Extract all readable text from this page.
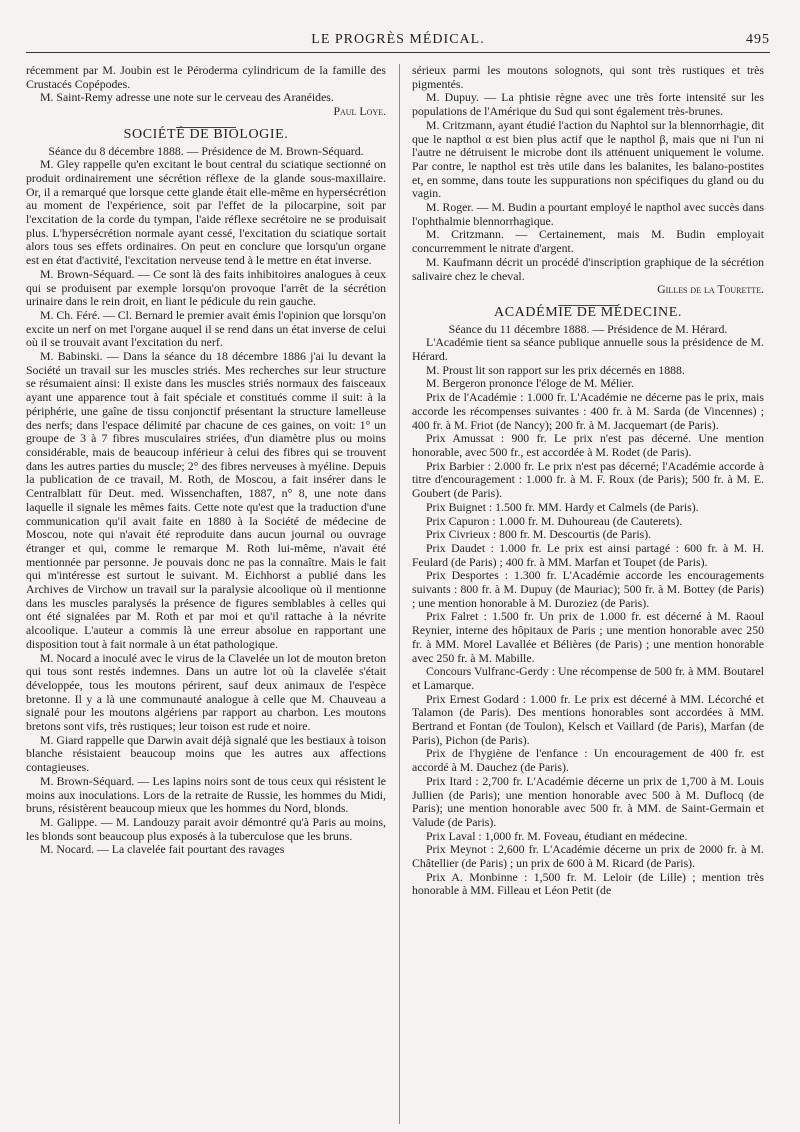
LE PROGRÈS MÉDICAL.	495

récemment par M. Joubin est le Péroderma cylindricum de la famille des Crustacés Copépodes.

M. Saint-Remy adresse une note sur le cerveau des Aranéides.

Paul Loye.

SOCIÉTÉ DE BIOLOGIE.

Séance du 8 décembre 1888. — Présidence de M. Brown-Séquard.

M. Gley rappelle qu'en excitant le bout central du sciatique sectionné on produit ordinairement une sécrétion réflexe de la glande sous-maxillaire. Or, il a remarqué que lorsque cette glande était elle-même en hypersécrétion au moment de l'expérience, soit par l'effet de la pilocarpine, soit par l'excitation de la corde du tympan, l'aide réflexe secrétoire ne se produisait plus. L'hypersécrétion normale ayant cessé, l'excitation du sciatique sortait alors tous ses effets ordinaires. On peut en conclure que lorsqu'un organe est en état d'activité, l'excitation nerveuse tend à le mettre en état inverse.

M. Brown-Séquard. — Ce sont là des faits inhibitoires analogues à ceux qui se produisent par exemple lorsqu'on provoque l'arrêt de la sécrétion urinaire dans le rein droit, en liant le pédicule du rein gauche.

M. Ch. Féré. — Cl. Bernard le premier avait émis l'opinion que lorsqu'on excite un nerf on met l'organe auquel il se rend dans un état inverse de celui où il se trouvait avant l'excitation du nerf.

M. Babinski. — Dans la séance du 18 décembre 1886 j'ai lu devant la Société un travail sur les muscles striés. Mes recherches sur leur structure se résumaient ainsi: Il existe dans les muscles striés normaux des faisceaux ayant une apparence tout à fait spéciale et constitués comme il suit: à la périphérie, une gaîne de tissu conjonctif présentant la structure lamelleuse des nerfs; dans l'espace délimité par chacune de ces gaines, on voit: 1° un groupe de 3 à 7 fibres musculaires striées, d'un diamètre plus ou moins considérable, mais de beaucoup inférieur à celui des fibres qui se trouvent dans les autres parties du muscle; 2° des fibres nerveuses à myéline. Depuis la publication de ce travail, M. Roth, de Moscou, a fait insérer dans le Centralblatt für Deut. med. Wissenchaften, 1887, n° 8, une note dans laquelle il signale les mêmes faits. Cette note qu'est que la traduction d'une communication qu'il avait faite en 1880 à la Société de médecine de Moscou, note qui n'avait été reproduite dans aucun journal ou ouvrage étranger et qui, comme le remarque M. Roth lui-même, n'avait été mentionnée par personne. Je pouvais donc ne pas la connaître. Mais le fait qui m'intéresse est surtout le suivant. M. Eichhorst a publié dans les Archives de Virchow un travail sur la paralysie alcoolique où il mentionne dans les muscles paralysés la présence de figures semblables à celles qui ont été signalées par M. Roth et par moi et qu'il rattache à la névrite alcoolique. L'auteur a commis là une erreur absolue en rapportant une disposition tout à fait normale à un état pathologique.

M. Nocard a inoculé avec le virus de la Clavelée un lot de mouton breton qui tous sont restés indemnes. Dans un autre lot où la clavelée s'était développée, tous les moutons périrent, sauf deux animaux de l'espèce bretonne. Il y a là une communauté analogue à celle que M. Chauveau a signalé pour les moutons algériens par rapport au charbon. Les moutons bretons sont vifs, très rustiques; leur toison est rude et noire.

M. Giard rappelle que Darwin avait déjà signalé que les bestiaux à toison blanche résistaient beaucoup moins que les autres aux affections contagieuses.

M. Brown-Séquard. — Les lapins noirs sont de tous ceux qui résistent le moins aux inoculations. Lors de la retraite de Russie, les hommes du Midi, bruns, résistèrent beaucoup mieux que les hommes du Nord, blonds.

M. Galippe. — M. Landouzy parait avoir démontré qu'à Paris au moins, les blonds sont beaucoup plus exposés à la tuberculose que les bruns.

M. Nocard. — La clavelée fait pourtant des ravages

sérieux parmi les moutons solognots, qui sont très rustiques et très pigmentés.

M. Dupuy. — La phtisie règne avec une très forte intensité sur les populations de l'Amérique du Sud qui sont également très-brunes.

M. Critzmann, ayant étudié l'action du Naphtol sur la blennorrhagie, dit que le napthol α est bien plus actif que le napthol β, mais que ni l'un ni l'autre ne détruisent le microbe dont ils atténuent uniquement le volume. Par contre, le napthol est très utile dans les balanites, les balano-postites et, en somme, dans toute les suppurations non spécifiques du gland ou du vagin.

M. Roger. — M. Budin a pourtant employé le napthol avec succès dans l'ophthalmie blennorrhagique.

M. Critzmann. — Certainement, mais M. Budin employait concurremment le nitrate d'argent.

M. Kaufmann décrit un procédé d'inscription graphique de la sécrétion salivaire chez le cheval.

Gilles de la Tourette.

ACADÉMIE DE MÉDECINE.

Séance du 11 décembre 1888. — Présidence de M. Hérard.

L'Académie tient sa séance publique annuelle sous la présidence de M. Hérard.

M. Proust lit son rapport sur les prix décernés en 1888.

M. Bergeron prononce l'éloge de M. Mélier.

Prix de l'Académie : 1.000 fr. L'Académie ne décerne pas le prix, mais accorde les récompenses suivantes : 400 fr. à M. Sarda (de Vincennes) ; 400 fr. à M. Friot (de Nancy); 200 fr. à M. Jacquemart (de Paris).

Prix Amussat : 900 fr. Le prix n'est pas décerné. Une mention honorable, avec 500 fr., est accordée à M. Rodet (de Paris).

Prix Barbier : 2.000 fr. Le prix n'est pas décerné; l'Académie accorde à titre d'encouragement : 1.000 fr. à M. F. Roux (de Paris); 500 fr. à M. E. Goubert (de Paris).

Prix Buignet : 1.500 fr. MM. Hardy et Calmels (de Paris).

Prix Capuron : 1.000 fr. M. Duhoureau (de Cauterets).

Prix Civrieux : 800 fr. M. Descourtis (de Paris).

Prix Daudet : 1.000 fr. Le prix est ainsi partagé : 600 fr. à M. H. Feulard (de Paris) ; 400 fr. à MM. Marfan et Toupet (de Paris).

Prix Desportes : 1.300 fr. L'Académie accorde les encouragements suivants : 800 fr. à M. Dupuy (de Mauriac); 500 fr. à M. Bottey (de Paris) ; une mention honorable à M. Duroziez (de Paris).

Prix Falret : 1.500 fr. Un prix de 1.000 fr. est décerné à M. Raoul Reynier, interne des hôpitaux de Paris ; une mention honorable avec 250 fr. à MM. Morel Lavallée et Bélières (de Paris) ; une mention honorable avec 250 fr. à M. Mabille.

Concours Vulfranc-Gerdy : Une récompense de 500 fr. à MM. Boutarel et Lamarque.

Prix Ernest Godard : 1.000 fr. Le prix est décerné à MM. Lécorché et Talamon (de Paris). Des mentions honorables sont accordées à MM. Bertrand et Fontan (de Toulon), Kelsch et Vaillard (de Paris), Marfan (de Paris), Pichon (de Paris).

Prix de l'hygiène de l'enfance : Un encouragement de 400 fr. est accordé à M. Dauchez (de Paris).

Prix Itard : 2,700 fr. L'Académie décerne un prix de 1,700 à M. Louis Jullien (de Paris); une mention honorable avec 500 à M. Duflocq (de Paris); une mention honorable avec 500 fr. à MM. de Saint-Germain et Valude (de Paris).

Prix Laval : 1,000 fr. M. Foveau, étudiant en médecine.

Prix Meynot : 2,600 fr. L'Académie décerne un prix de 2000 fr. à M. Châtellier (de Paris) ; un prix de 600 à M. Ricard (de Paris).

Prix A. Monbinne : 1,500 fr. M. Leloir (de Lille) ; mention très honorable à MM. Filleau et Léon Petit (de
